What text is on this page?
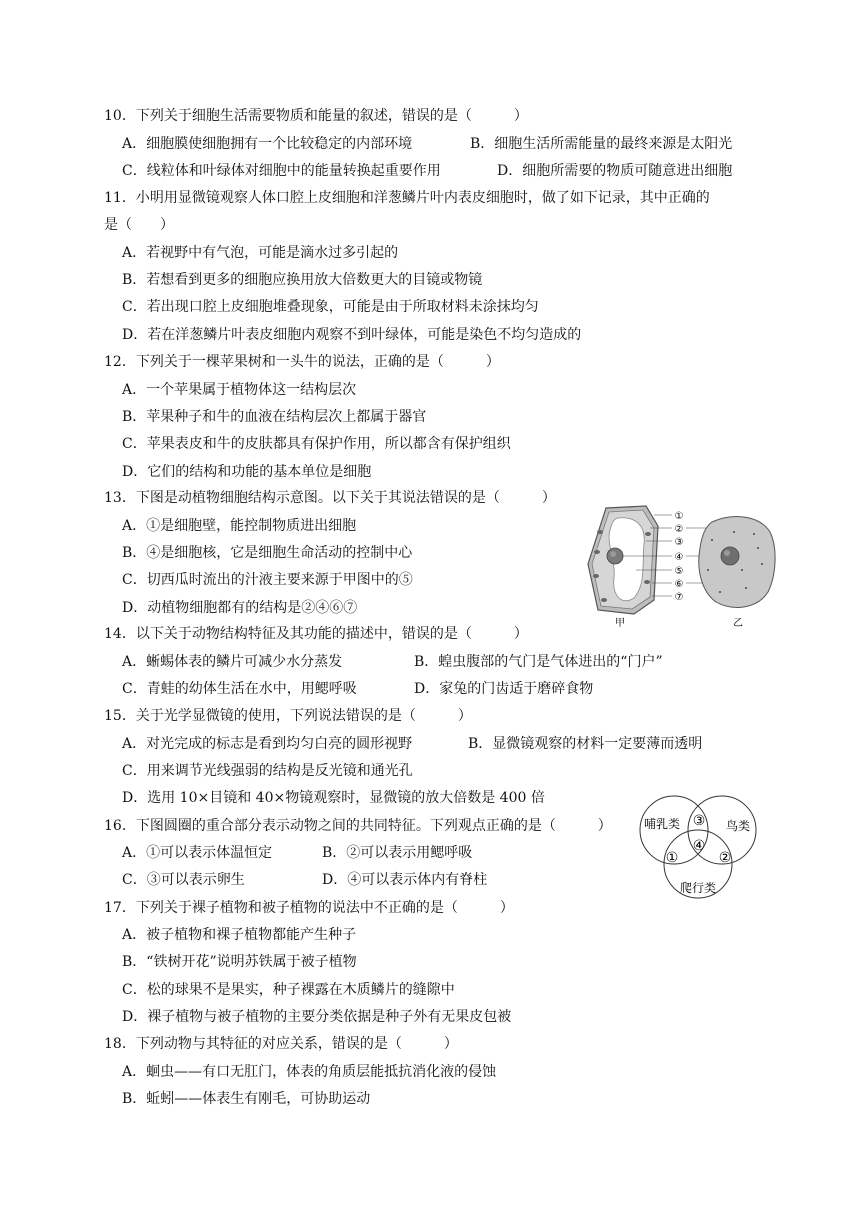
10．下列关于细胞生活需要物质和能量的叙述，错误的是（　　　）
A．细胞膜使细胞拥有一个比较稳定的内部环境	B．细胞生活所需能量的最终来源是太阳光
C．线粒体和叶绿体对细胞中的能量转换起重要作用	D．细胞所需要的物质可随意进出细胞
11．小明用显微镜观察人体口腔上皮细胞和洋葱鳞片叶内表皮细胞时，做了如下记录，其中正确的
是（　　）
A．若视野中有气泡，可能是滴水过多引起的
B．若想看到更多的细胞应换用放大倍数更大的目镜或物镜
C．若出现口腔上皮细胞堆叠现象，可能是由于所取材料未涂抹均匀
D．若在洋葱鳞片叶表皮细胞内观察不到叶绿体，可能是染色不均匀造成的
12．下列关于一棵苹果树和一头牛的说法，正确的是（　　　）
A．一个苹果属于植物体这一结构层次
B．苹果种子和牛的血液在结构层次上都属于器官
C．苹果表皮和牛的皮肤都具有保护作用，所以都含有保护组织
D．它们的结构和功能的基本单位是细胞
13．下图是动植物细胞结构示意图。以下关于其说法错误的是（　　　）
A．①是细胞壁，能控制物质进出细胞
B．④是细胞核，它是细胞生命活动的控制中心
C．切西瓜时流出的汁液主要来源于甲图中的⑤
D．动植物细胞都有的结构是②④⑥⑦
①
②
③
④
⑤
⑥
⑦
甲	乙
14．以下关于动物结构特征及其功能的描述中，错误的是（　　　）
A．蜥蜴体表的鳞片可减少水分蒸发	B．蝗虫腹部的气门是气体进出的“门户”
C．青蛙的幼体生活在水中，用鳃呼吸	D．家兔的门齿适于磨碎食物
15．关于光学显微镜的使用，下列说法错误的是（　　　）
A．对光完成的标志是看到均匀白亮的圆形视野	B．显微镜观察的材料一定要薄而透明
C．用来调节光线强弱的结构是反光镜和通光孔
D．选用 10×目镜和 40×物镜观察时，显微镜的放大倍数是 400 倍
16．下图圆圈的重合部分表示动物之间的共同特征。下列观点正确的是（　　　）
A．①可以表示体温恒定	B．②可以表示用鳃呼吸
C．③可以表示卵生	D．④可以表示体内有脊柱
哺乳类	鸟类
爬行类
①	②
③
④
17．下列关于裸子植物和被子植物的说法中不正确的是（　　　）
A．被子植物和裸子植物都能产生种子
B．“铁树开花”说明苏铁属于被子植物
C．松的球果不是果实，种子裸露在木质鳞片的缝隙中
D．裸子植物与被子植物的主要分类依据是种子外有无果皮包被
18．下列动物与其特征的对应关系，错误的是（　　　）
A．蛔虫——有口无肛门，体表的角质层能抵抗消化液的侵蚀
B．蚯蚓——体表生有刚毛，可协助运动
